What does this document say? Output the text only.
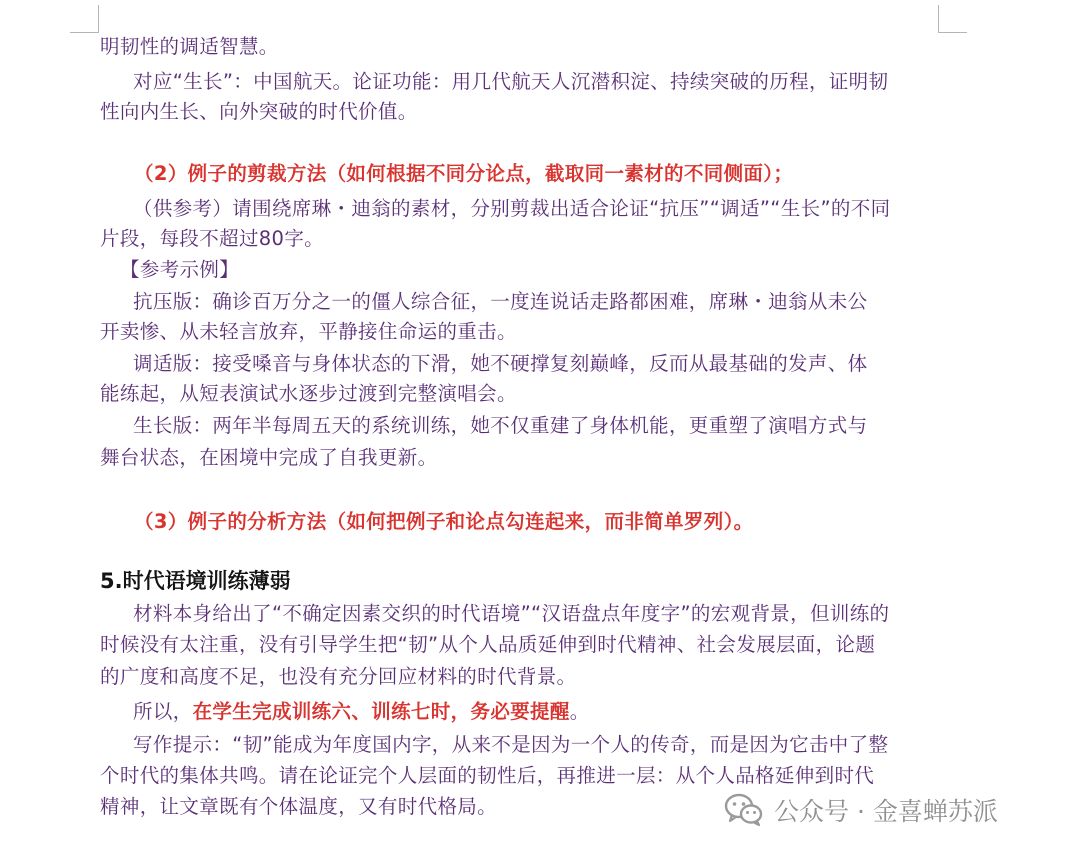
明韧性的调适智慧。
对应“生长”：中国航天。论证功能：用几代航天人沉潜积淀、持续突破的历程，证明韧
性向内生长、向外突破的时代价值。
（2）例子的剪裁方法（如何根据不同分论点，截取同一素材的不同侧面）；
（供参考）请围绕席琳・迪翁的素材，分别剪裁出适合论证“抗压”“调适”“生长”的不同
片段，每段不超过80字。
【参考示例】
抗压版：确诊百万分之一的僵人综合征，一度连说话走路都困难，席琳・迪翁从未公
开卖惨、从未轻言放弃，平静接住命运的重击。
调适版：接受嗓音与身体状态的下滑，她不硬撑复刻巅峰，反而从最基础的发声、体
能练起，从短表演试水逐步过渡到完整演唱会。
生长版：两年半每周五天的系统训练，她不仅重建了身体机能，更重塑了演唱方式与
舞台状态，在困境中完成了自我更新。
（3）例子的分析方法（如何把例子和论点勾连起来，而非简单罗列）。
5.时代语境训练薄弱
材料本身给出了“不确定因素交织的时代语境”“汉语盘点年度字”的宏观背景，但训练的
时候没有太注重，没有引导学生把“韧”从个人品质延伸到时代精神、社会发展层面，论题
的广度和高度不足，也没有充分回应材料的时代背景。
所以，在学生完成训练六、训练七时，务必要提醒。
写作提示：“韧”能成为年度国内字，从来不是因为一个人的传奇，而是因为它击中了整
个时代的集体共鸣。请在论证完个人层面的韧性后，再推进一层：从个人品格延伸到时代
精神，让文章既有个体温度，又有时代格局。	公众号 · 金喜蝉苏派
